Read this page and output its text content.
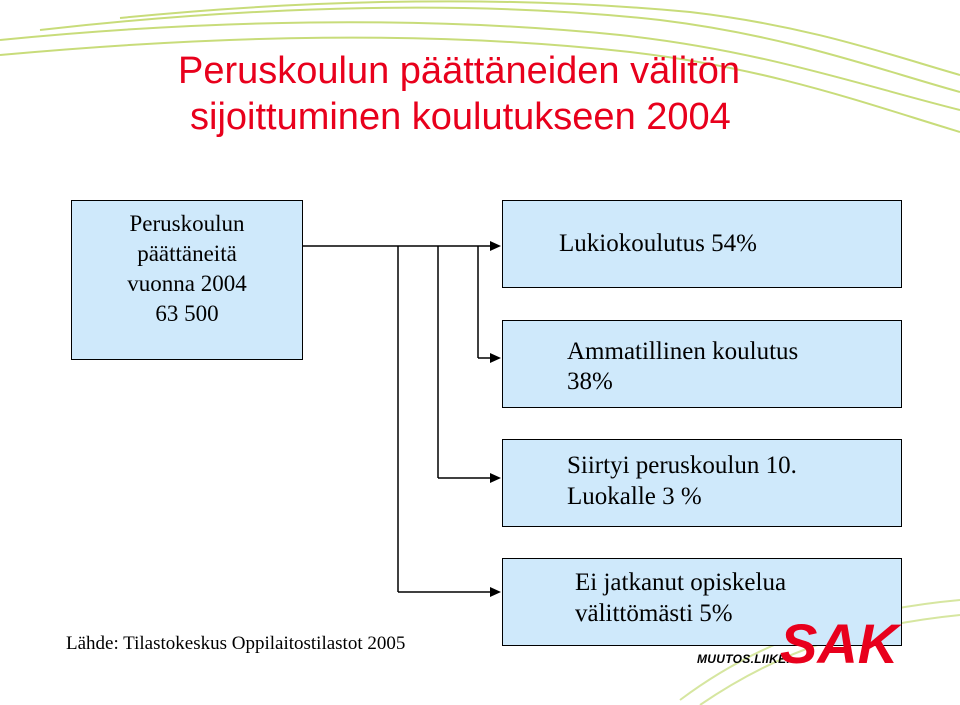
Peruskoulun päättäneiden välitön
sijoittuminen koulutukseen 2004
Peruskoulun
päättäneitä
vuonna 2004
63 500
Lukiokoulutus 54%
Ammatillinen koulutus
38%
Siirtyi peruskoulun 10.
Luokalle 3 %
Ei jatkanut opiskelua
välittömästi 5%
Lähde: Tilastokeskus Oppilaitostilastot 2005
MUUTOS.LIIKE.
SAK
